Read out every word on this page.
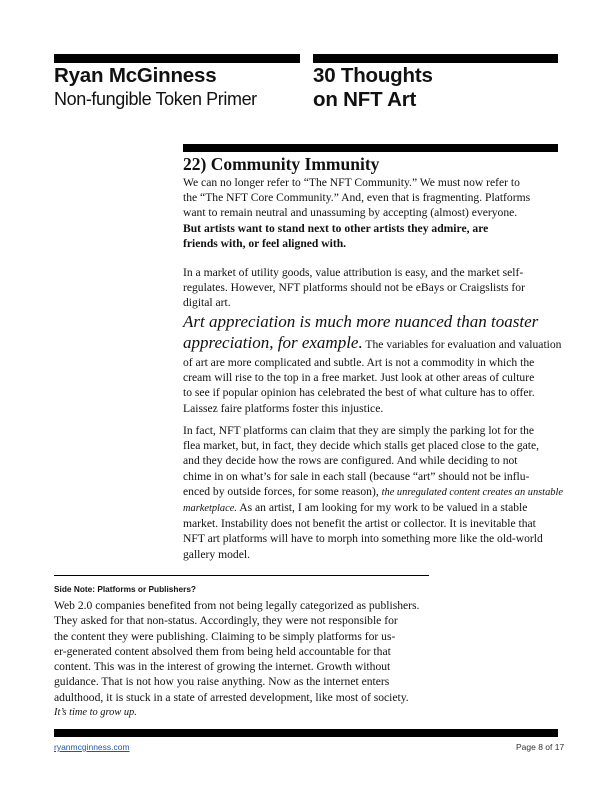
Ryan McGinness
Non-fungible Token Primer
30 Thoughts
on NFT Art
22) Community Immunity
We can no longer refer to “The NFT Community.” We must now refer to
the “The NFT Core Community.” And, even that is fragmenting. Platforms
want to remain neutral and unassuming by accepting (almost) everyone.
But artists want to stand next to other artists they admire, are
friends with, or feel aligned with.
In a market of utility goods, value attribution is easy, and the market self-
regulates. However, NFT platforms should not be eBays or Craigslists for
digital art.
Art appreciation is much more nuanced than toaster
appreciation, for example. The variables for evaluation and valuation
of art are more complicated and subtle. Art is not a commodity in which the
cream will rise to the top in a free market. Just look at other areas of culture
to see if popular opinion has celebrated the best of what culture has to offer.
Laissez faire platforms foster this injustice.
In fact, NFT platforms can claim that they are simply the parking lot for the
flea market, but, in fact, they decide which stalls get placed close to the gate,
and they decide how the rows are configured. And while deciding to not
chime in on what’s for sale in each stall (because “art” should not be influ-
enced by outside forces, for some reason), the unregulated content creates an unstable
marketplace. As an artist, I am looking for my work to be valued in a stable
market. Instability does not benefit the artist or collector. It is inevitable that
NFT art platforms will have to morph into something more like the old-world
gallery model.
Side Note: Platforms or Publishers?
Web 2.0 companies benefited from not being legally categorized as publishers.
They asked for that non-status. Accordingly, they were not responsible for
the content they were publishing. Claiming to be simply platforms for us-
er-generated content absolved them from being held accountable for that
content. This was in the interest of growing the internet. Growth without
guidance. That is not how you raise anything. Now as the internet enters
adulthood, it is stuck in a state of arrested development, like most of society.
It’s time to grow up.
ryanmcginness.com	Page 8 of 17
